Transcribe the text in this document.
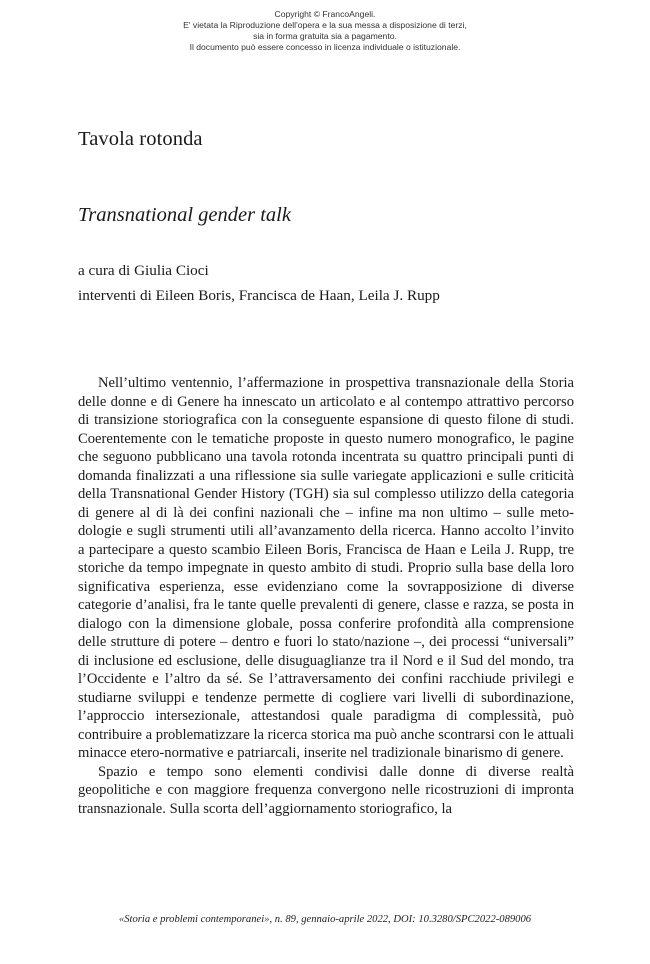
Copyright © FrancoAngeli.
E' vietata la Riproduzione dell'opera e la sua messa a disposizione di terzi,
sia in forma gratuita sia a pagamento.
Il documento può essere concesso in licenza individuale o istituzionale.
Tavola rotonda
Transnational gender talk
a cura di Giulia Cioci
interventi di Eileen Boris, Francisca de Haan, Leila J. Rupp

Nell’ultimo ventennio, l’affermazione in prospettiva transnazionale della Storia delle donne e di Genere ha innescato un articolato e al contempo attrattivo percorso di transizione storiografica con la conseguente espansione di questo filone di studi. Coerentemente con le tematiche proposte in questo numero monografico, le pagine che seguono pubblicano una tavola rotonda incentrata su quattro principali punti di domanda finalizzati a una riflessione sia sulle variegate applicazioni e sulle criticità della Transnational Gender History (TGH) sia sul complesso utilizzo della categoria di genere al di là dei confini nazionali che – infine ma non ultimo – sulle metodologie e sugli strumenti utili all’avanzamento della ricerca. Hanno accolto l’invito a partecipare a questo scambio Eileen Boris, Francisca de Haan e Leila J. Rupp, tre storiche da tempo impegnate in questo ambito di studi. Proprio sulla base della loro significativa esperienza, esse evidenziano come la sovrapposizione di diverse categorie d’analisi, fra le tante quelle prevalenti di genere, classe e razza, se posta in dialogo con la dimensione globale, possa conferire profondità alla comprensione delle strutture di potere – dentro e fuori lo stato/nazione –, dei processi “universali” di inclusione ed esclusione, delle disuguaglianze tra il Nord e il Sud del mondo, tra l’Occidente e l’altro da sé. Se l’attraversamento dei confini racchiude privilegi e studiarne sviluppi e tendenze permette di cogliere vari livelli di subordinazione, l’approccio intersezionale, attestandosi quale paradigma di complessità, può contribuire a problematizzare la ricerca storica ma può anche scontrarsi con le attuali minacce etero-normative e patriarcali, inserite nel tradizionale binarismo di genere.

Spazio e tempo sono elementi condivisi dalle donne di diverse realtà geopolitiche e con maggiore frequenza convergono nelle ricostruzioni di impronta transnazionale. Sulla scorta dell’aggiornamento storiografico, la

«Storia e problemi contemporanei», n. 89, gennaio-aprile 2022, DOI: 10.3280/SPC2022-089006
